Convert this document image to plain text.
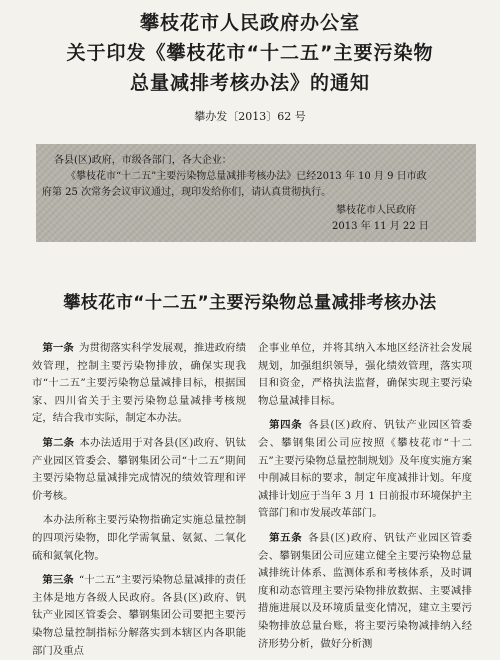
攀枝花市人民政府办公室
关于印发《攀枝花市“十二五”主要污染物
总量减排考核办法》的通知
攀办发〔2013〕62 号
各县(区)政府，市级各部门，各大企业：
《攀枝花市“十二五”主要污染物总量减排考核办法》已经2013 年 10 月 9 日市政
府第 25 次常务会议审议通过，现印发给你们，请认真贯彻执行。
攀枝花市人民政府
2013 年 11 月 22 日
攀枝花市“十二五”主要污染物总量减排考核办法

 第一条  为贯彻落实科学发展观，推进政府绩效管理，控制主要污染物排放，确保实现我市“十二五”主要污染物总量减排目标，根据国家、四川省关于主要污染物总量减排考核规定，结合我市实际，制定本办法。

 第二条  本办法适用于对各县(区)政府、钒钛产业园区管委会、攀钢集团公司“十二五”期间主要污染物总量减排完成情况的绩效管理和评价考核。

 本办法所称主要污染物指确定实施总量控制的四项污染物，即化学需氧量、氨氮、二氧化硫和氮氧化物。

 第三条  “十二五”主要污染物总量减排的责任主体是地方各级人民政府。各县(区)政府、钒钛产业园区管委会、攀钢集团公司要把主要污染物总量控制指标分解落实到本辖区内各职能部门及重点

企事业单位，并将其纳入本地区经济社会发展规划，加强组织领导，强化绩效管理，落实项目和资金，严格执法监督，确保实现主要污染物总量减排目标。

 第四条  各县(区)政府、钒钛产业园区管委会、攀钢集团公司应按照《攀枝花市“十二五”主要污染物总量控制规划》及年度实施方案中削减目标的要求，制定年度减排计划。年度减排计划应于当年 3 月 1 日前报市环境保护主管部门和市发展改革部门。

 第五条  各县(区)政府、钒钛产业园区管委会、攀钢集团公司应建立健全主要污染物总量减排统计体系、监测体系和考核体系，及时调度和动态管理主要污染物排放数据、主要减排措施进展以及环境质量变化情况，建立主要污染物排放总量台账，将主要污染物减排纳入经济形势分析，做好分析测
